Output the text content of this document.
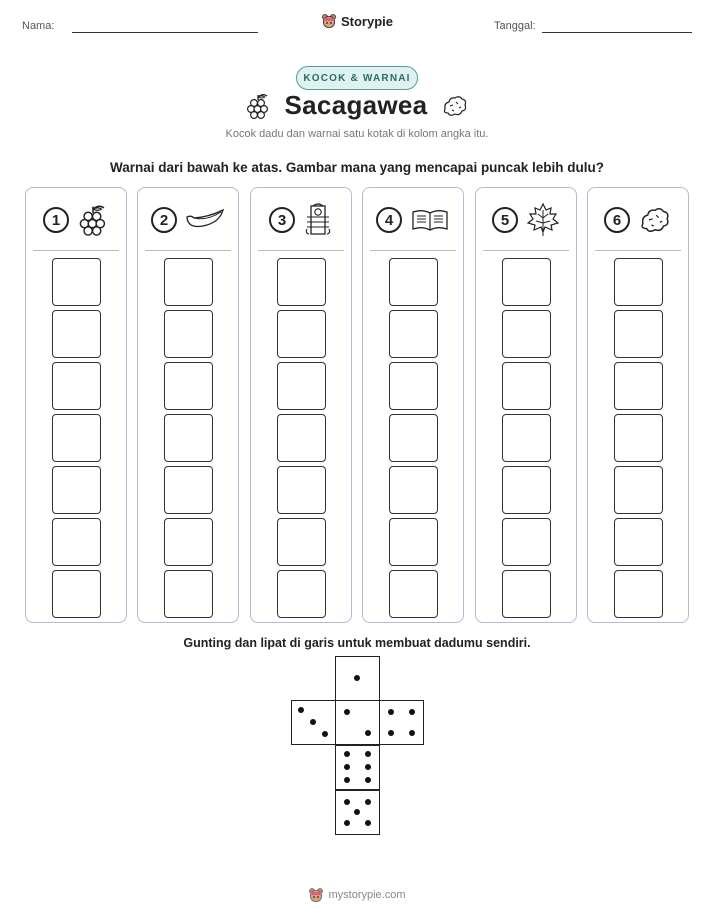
Nama:	Storypie	Tanggal:
KOCOK & WARNAI
Sacagawea
Kocok dadu dan warnai satu kotak di kolom angka itu.
Warnai dari bawah ke atas. Gambar mana yang mencapai puncak lebih dulu?
1	2	3	4	5	6
Gunting dan lipat di garis untuk membuat dadumu sendiri.
mystorypie.com
